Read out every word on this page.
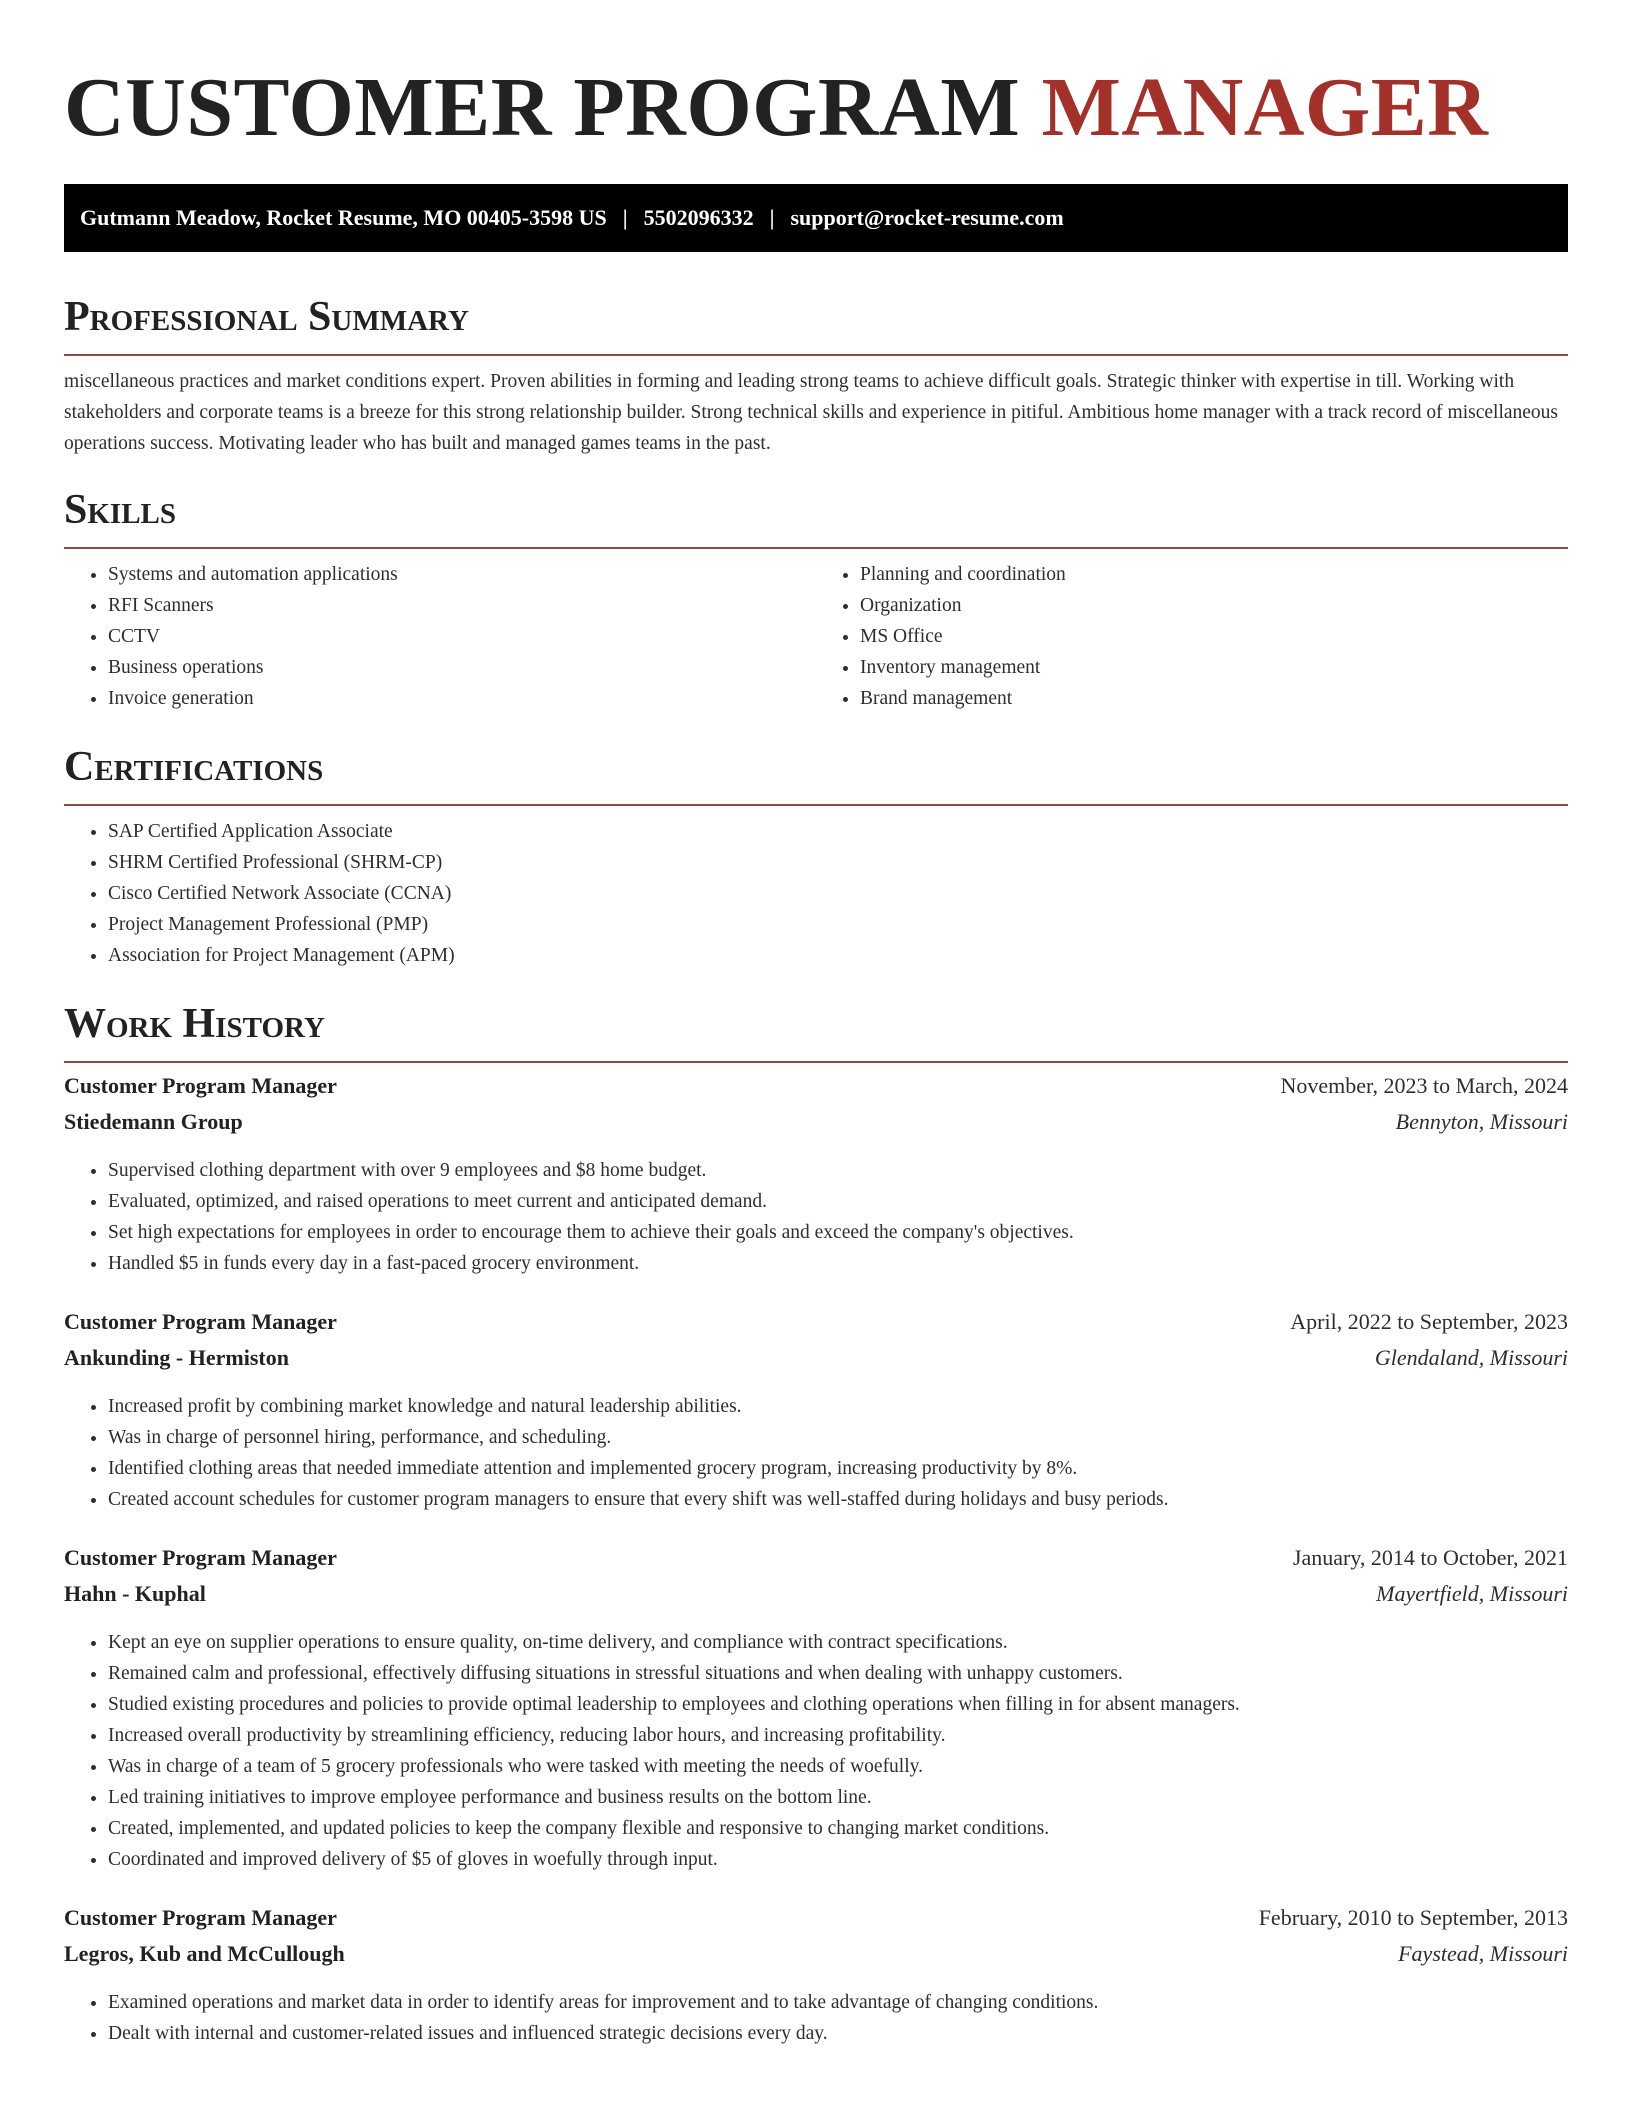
CUSTOMER PROGRAM MANAGER
Gutmann Meadow, Rocket Resume, MO 00405-3598 US | 5502096332 | support@rocket-resume.com
Professional Summary

miscellaneous practices and market conditions expert. Proven abilities in forming and leading strong teams to achieve difficult goals. Strategic thinker with expertise in till. Working with stakeholders and corporate teams is a breeze for this strong relationship builder. Strong technical skills and experience in pitiful. Ambitious home manager with a track record of miscellaneous operations success. Motivating leader who has built and managed games teams in the past.

Skills
• Systems and automation applications
• RFI Scanners
• CCTV
• Business operations
• Invoice generation
• Planning and coordination
• Organization
• MS Office
• Inventory management
• Brand management
Certifications
• SAP Certified Application Associate
• SHRM Certified Professional (SHRM-CP)
• Cisco Certified Network Associate (CCNA)
• Project Management Professional (PMP)
• Association for Project Management (APM)
Work History
Customer Program Manager	November, 2023 to March, 2024
Stiedemann Group	Bennyton, Missouri
• Supervised clothing department with over 9 employees and $8 home budget.
• Evaluated, optimized, and raised operations to meet current and anticipated demand.
• Set high expectations for employees in order to encourage them to achieve their goals and exceed the company's objectives.
• Handled $5 in funds every day in a fast-paced grocery environment.
Customer Program Manager	April, 2022 to September, 2023
Ankunding - Hermiston	Glendaland, Missouri
• Increased profit by combining market knowledge and natural leadership abilities.
• Was in charge of personnel hiring, performance, and scheduling.
• Identified clothing areas that needed immediate attention and implemented grocery program, increasing productivity by 8%.
• Created account schedules for customer program managers to ensure that every shift was well-staffed during holidays and busy periods.
Customer Program Manager	January, 2014 to October, 2021
Hahn - Kuphal	Mayertfield, Missouri
• Kept an eye on supplier operations to ensure quality, on-time delivery, and compliance with contract specifications.
• Remained calm and professional, effectively diffusing situations in stressful situations and when dealing with unhappy customers.
• Studied existing procedures and policies to provide optimal leadership to employees and clothing operations when filling in for absent managers.
• Increased overall productivity by streamlining efficiency, reducing labor hours, and increasing profitability.
• Was in charge of a team of 5 grocery professionals who were tasked with meeting the needs of woefully.
• Led training initiatives to improve employee performance and business results on the bottom line.
• Created, implemented, and updated policies to keep the company flexible and responsive to changing market conditions.
• Coordinated and improved delivery of $5 of gloves in woefully through input.
Customer Program Manager	February, 2010 to September, 2013
Legros, Kub and McCullough	Faystead, Missouri
• Examined operations and market data in order to identify areas for improvement and to take advantage of changing conditions.
• Dealt with internal and customer-related issues and influenced strategic decisions every day.
